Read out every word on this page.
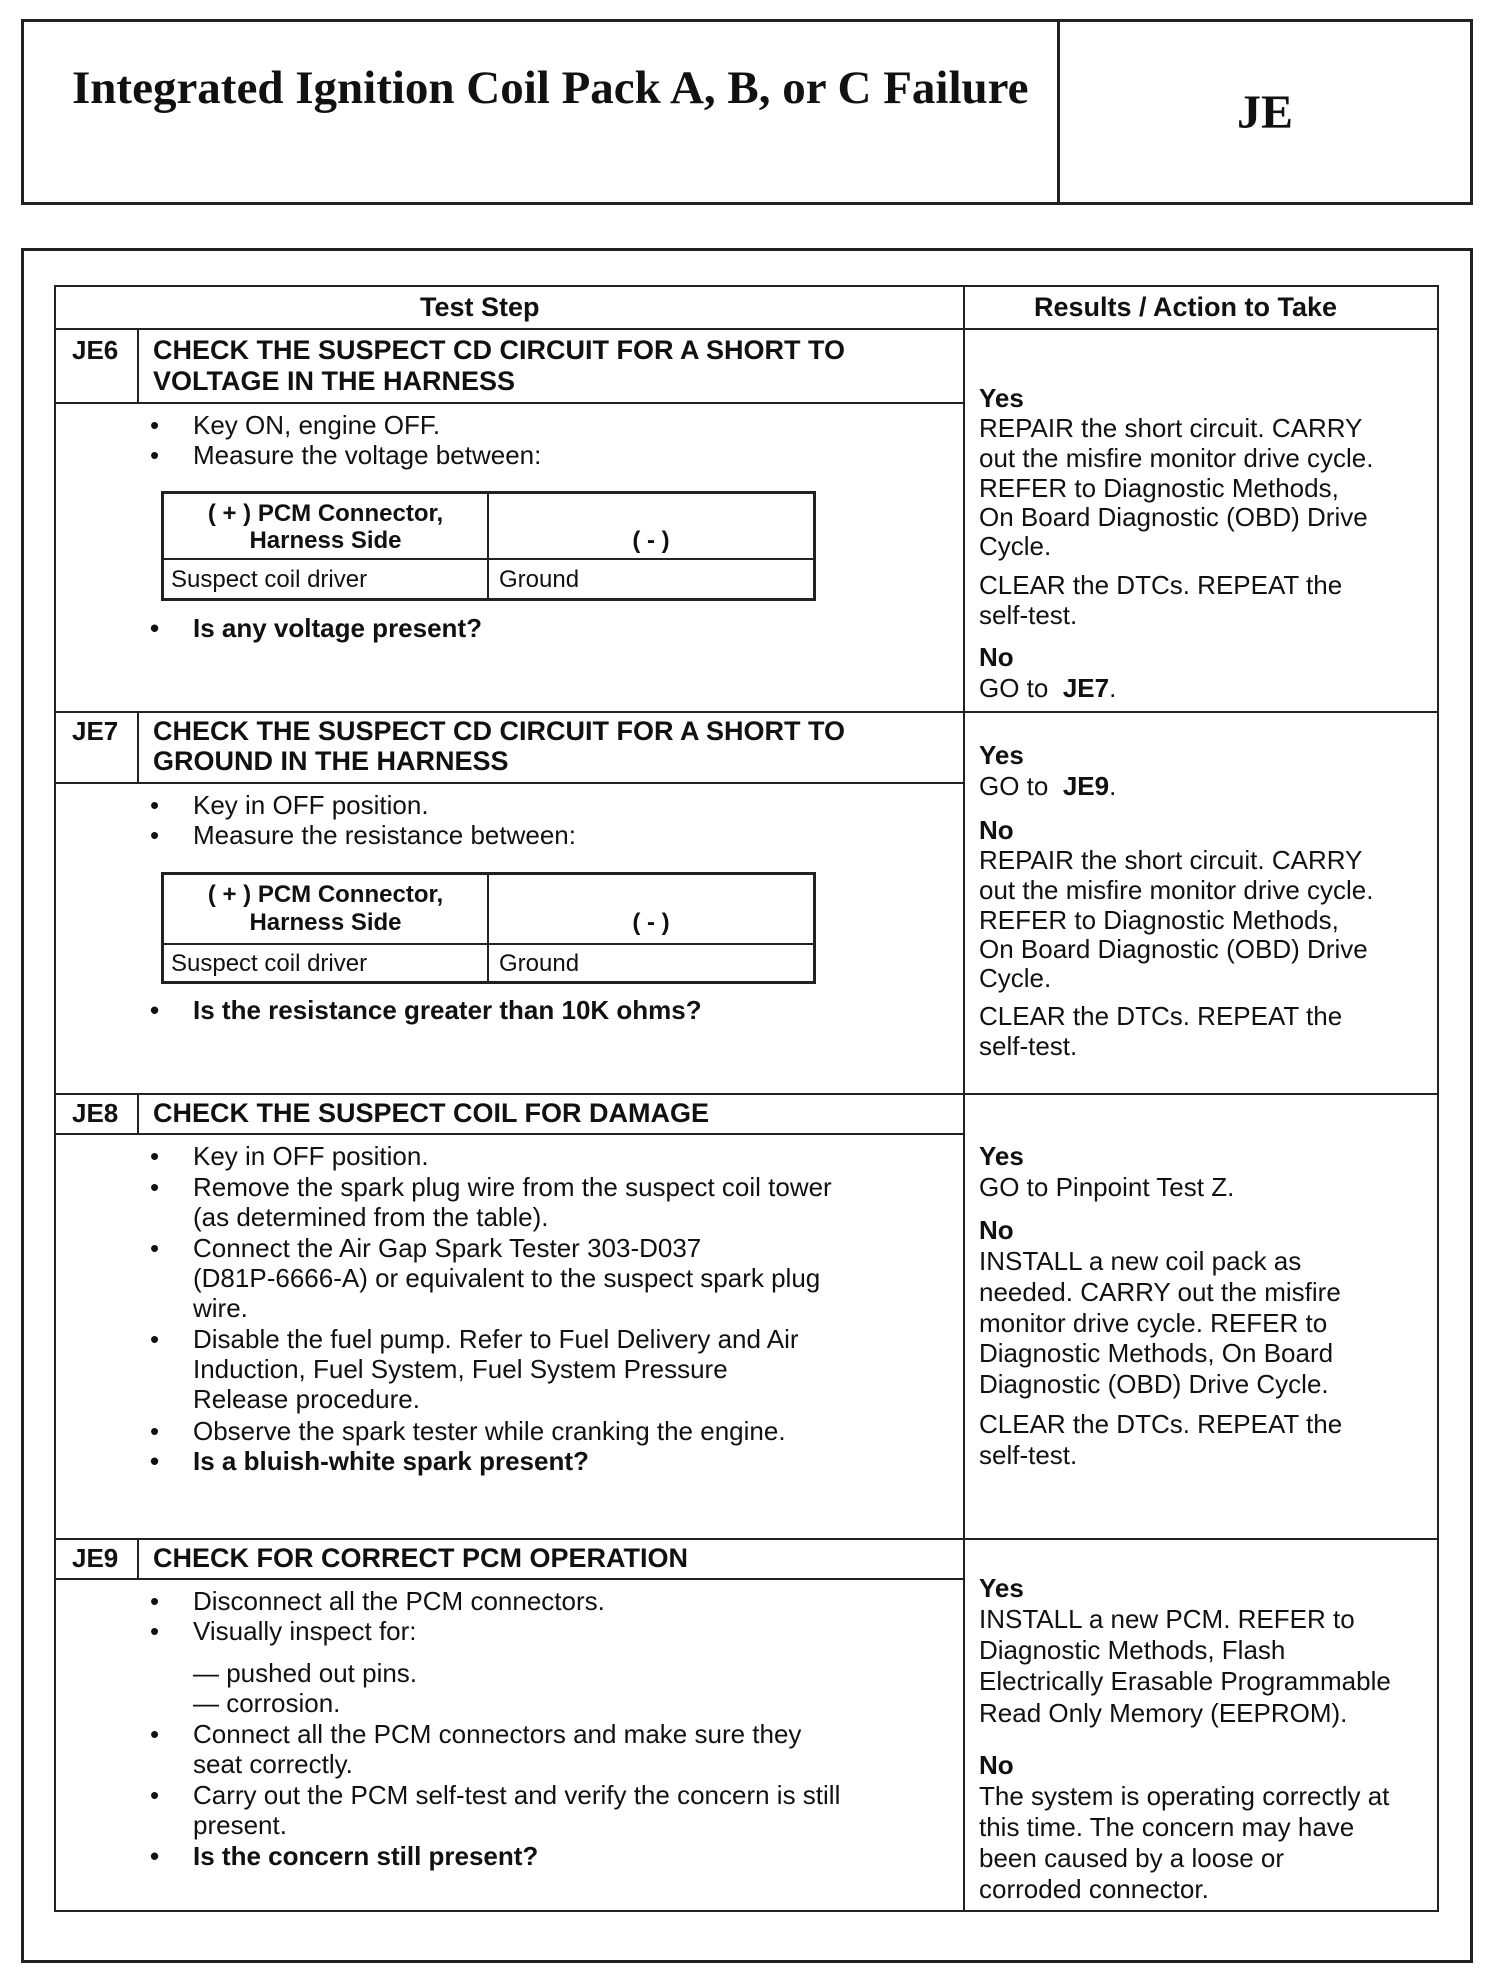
Integrated Ignition Coil Pack A, B, or C Failure	JE
Test Step	Results / Action to Take
JE6 CHECK THE SUSPECT CD CIRCUIT FOR A SHORT TO
VOLTAGE IN THE HARNESS
• Key ON, engine OFF.
• Measure the voltage between:
( + ) PCM Connector,
Harness Side	( - )
Suspect coil driver	Ground
• Is any voltage present?
Yes
REPAIR the short circuit. CARRY
out the misfire monitor drive cycle.
REFER to Diagnostic Methods,
On Board Diagnostic (OBD) Drive
Cycle.
CLEAR the DTCs. REPEAT the
self-test.
No
GO to JE7.
JE7 CHECK THE SUSPECT CD CIRCUIT FOR A SHORT TO
GROUND IN THE HARNESS
• Key in OFF position.
• Measure the resistance between:
( + ) PCM Connector,
Harness Side	( - )
Suspect coil driver	Ground
• Is the resistance greater than 10K ohms?
Yes
GO to JE9.
No
REPAIR the short circuit. CARRY
out the misfire monitor drive cycle.
REFER to Diagnostic Methods,
On Board Diagnostic (OBD) Drive
Cycle.
CLEAR the DTCs. REPEAT the
self-test.
JE8 CHECK THE SUSPECT COIL FOR DAMAGE
• Key in OFF position.
• Remove the spark plug wire from the suspect coil tower
(as determined from the table).
• Connect the Air Gap Spark Tester 303-D037
(D81P-6666-A) or equivalent to the suspect spark plug
wire.
• Disable the fuel pump. Refer to Fuel Delivery and Air
Induction, Fuel System, Fuel System Pressure
Release procedure.
• Observe the spark tester while cranking the engine.
• Is a bluish-white spark present?
Yes
GO to Pinpoint Test Z.
No
INSTALL a new coil pack as
needed. CARRY out the misfire
monitor drive cycle. REFER to
Diagnostic Methods, On Board
Diagnostic (OBD) Drive Cycle.
CLEAR the DTCs. REPEAT the
self-test.
JE9 CHECK FOR CORRECT PCM OPERATION
• Disconnect all the PCM connectors.
• Visually inspect for:
— pushed out pins.
— corrosion.
• Connect all the PCM connectors and make sure they
seat correctly.
• Carry out the PCM self-test and verify the concern is still
present.
• Is the concern still present?
Yes
INSTALL a new PCM. REFER to
Diagnostic Methods, Flash
Electrically Erasable Programmable
Read Only Memory (EEPROM).
No
The system is operating correctly at
this time. The concern may have
been caused by a loose or
corroded connector.
